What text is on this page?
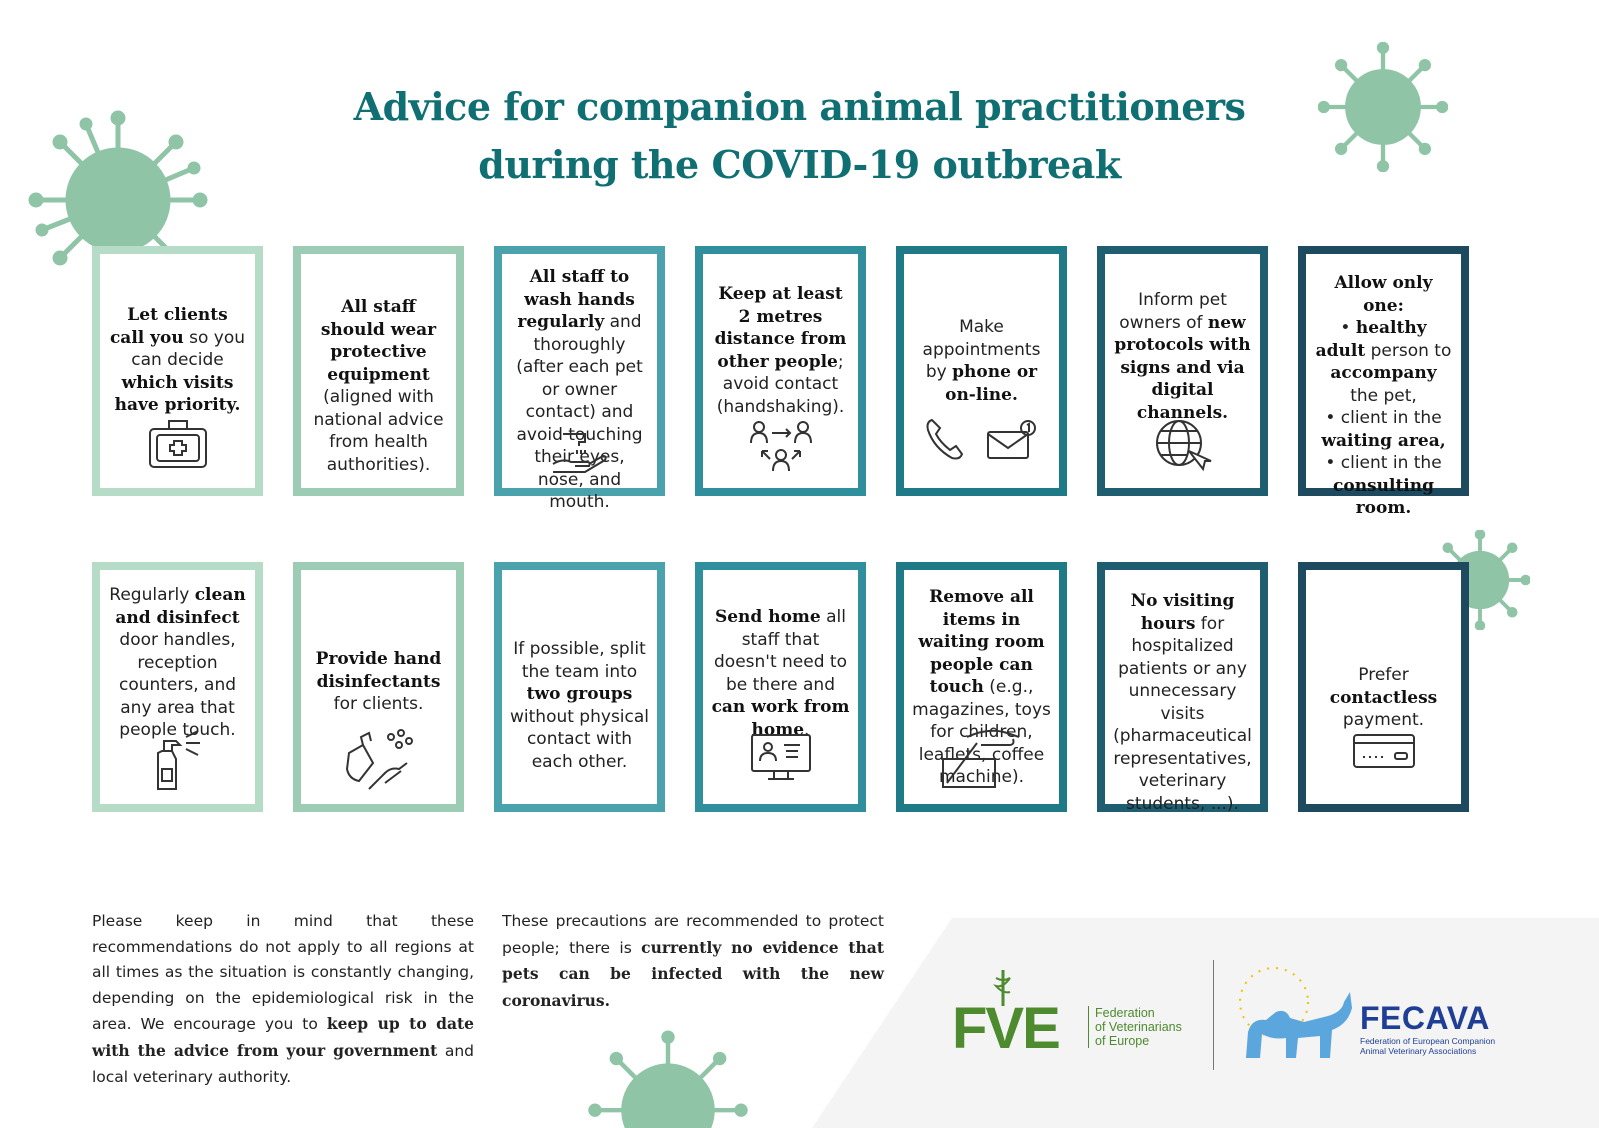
Advice for companion animal practitioners
during the COVID-19 outbreak
Let clients call you so you can decide which visits have priority.
All staff should wear protective equipment (aligned with national advice from health authorities).
All staff to wash hands regularly and thoroughly (after each pet or owner contact) and avoid touching their eyes, nose, and mouth.
Keep at least 2 metres distance from other people; avoid contact (handshaking).
Make appointments by phone or on-line.
Inform pet owners of new protocols with signs and via digital channels.
Allow only one:
• healthy adult person to accompany the pet,
• client in the waiting area,
• client in the consulting room.
Regularly clean and disinfect door handles, reception counters, and any area that people touch.
Provide hand disinfectants for clients.
If possible, split the team into two groups without physical contact with each other.
Send home all staff that doesn't need to be there and can work from home.
Remove all items in waiting room people can touch (e.g., magazines, toys for children, leaflets, coffee machine).
No visiting hours for hospitalized patients or any unnecessary visits (pharmaceutical representatives, veterinary students, ...).
Prefer contactless payment.
Please keep in mind that these recommendations do not apply to all regions at all times as the situation is constantly changing, depending on the epidemiological risk in the area. We encourage you to keep up to date with the advice from your government and local veterinary authority.
These precautions are recommended to protect people; there is currently no evidence that pets can be infected with the new coronavirus.	FVE	Federation
of Veterinarians
of Europe
FECAVA
Federation of European Companion
Animal Veterinary Associations
